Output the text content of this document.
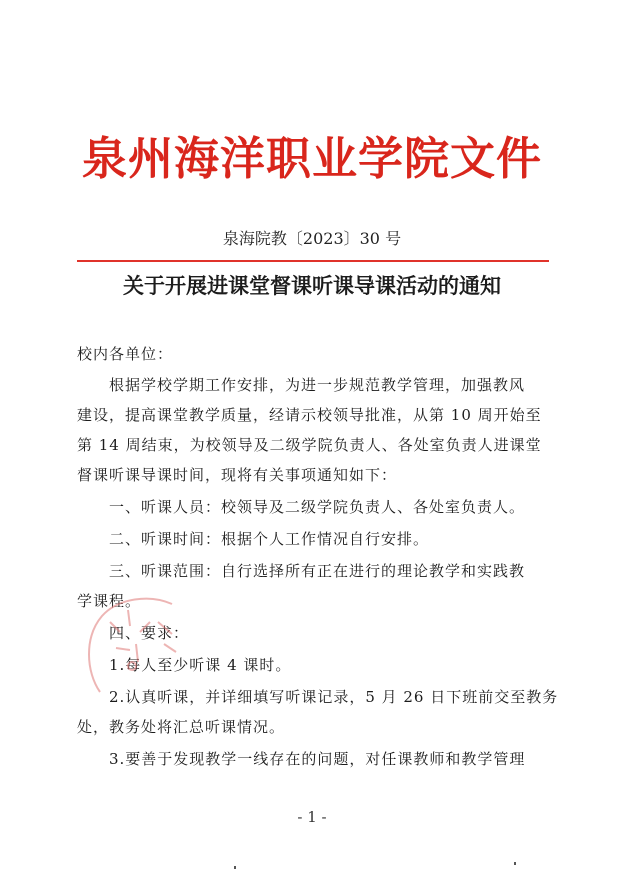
泉州海洋职业学院文件
泉海院教〔2023〕30 号
关于开展进课堂督课听课导课活动的通知

校内各单位：

根据学校学期工作安排，为进一步规范教学管理，加强教风

建设，提高课堂教学质量，经请示校领导批准，从第 10 周开始至

第 14 周结束，为校领导及二级学院负责人、各处室负责人进课堂

督课听课导课时间，现将有关事项通知如下：

一、听课人员：校领导及二级学院负责人、各处室负责人。

二、听课时间：根据个人工作情况自行安排。

三、听课范围：自行选择所有正在进行的理论教学和实践教

学课程。

四、要求：

1.每人至少听课 4 课时。

2.认真听课，并详细填写听课记录，5 月 26 日下班前交至教务

处，教务处将汇总听课情况。

3.要善于发现教学一线存在的问题，对任课教师和教学管理

- 1 -
